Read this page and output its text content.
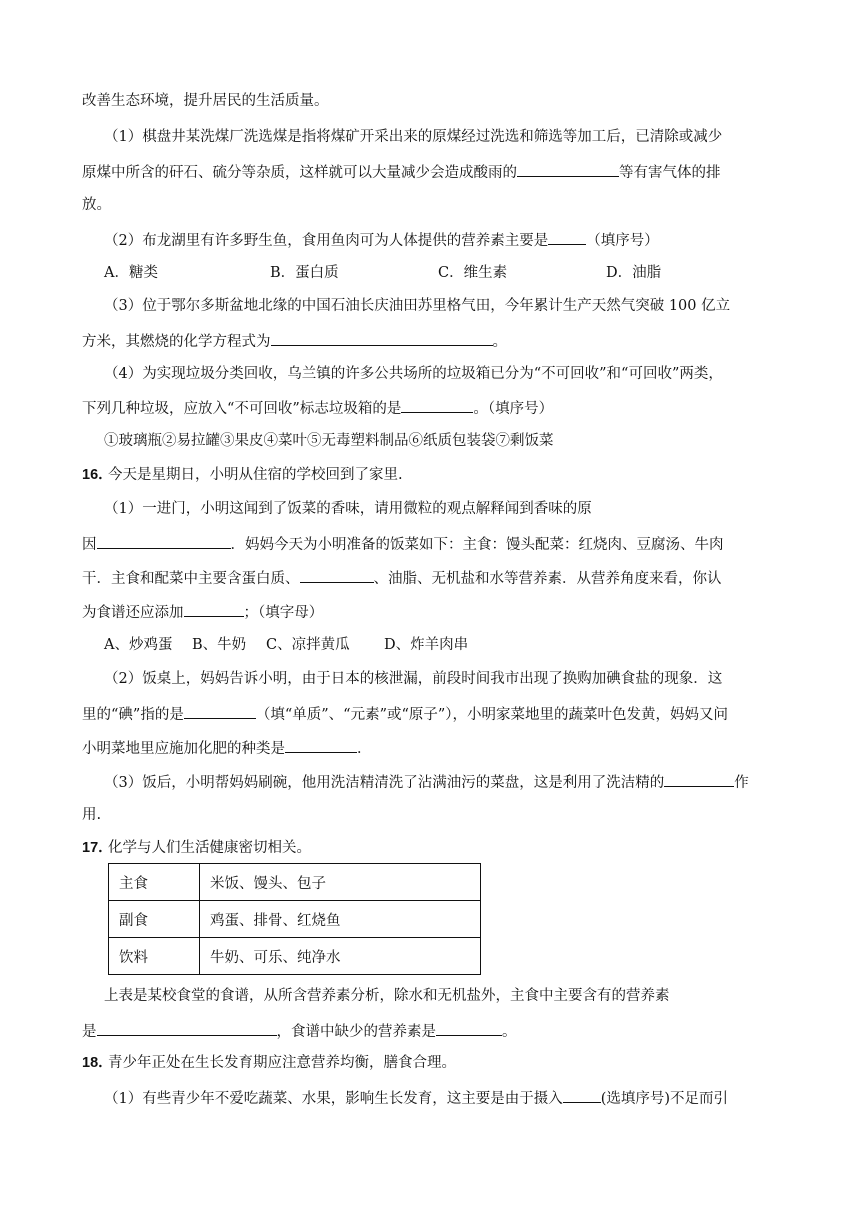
改善生态环境，提升居民的生活质量。
（1）棋盘井某洗煤厂洗选煤是指将煤矿开采出来的原煤经过洗选和筛选等加工后，已清除或减少
原煤中所含的矸石、硫分等杂质，这样就可以大量减少会造成酸雨的	等有害气体的排
放。
（2）布龙湖里有许多野生鱼，食用鱼肉可为人体提供的营养素主要是	（填序号）
A．糖类	B．蛋白质	C．维生素	D．油脂
（3）位于鄂尔多斯盆地北缘的中国石油长庆油田苏里格气田，今年累计生产天然气突破 100 亿立
方米，其燃烧的化学方程式为	。
（4）为实现垃圾分类回收，乌兰镇的许多公共场所的垃圾箱已分为“不可回收”和“可回收”两类，
下列几种垃圾，应放入“不可回收”标志垃圾箱的是	。（填序号）
①玻璃瓶②易拉罐③果皮④菜叶⑤无毒塑料制品⑥纸质包装袋⑦剩饭菜
16．
今天是星期日，小明从住宿的学校回到了家里.
（1）一进门，小明这闻到了饭菜的香味，请用微粒的观点解释闻到香味的原
因	．妈妈今天为小明准备的饭菜如下：主食：馒头配菜：红烧肉、豆腐汤、牛肉
干．主食和配菜中主要含蛋白质、	、油脂、无机盐和水等营养素．从营养角度来看，你认
为食谱还应添加	；（填字母）
A、炒鸡蛋 B、牛奶 C、凉拌黄瓜 D、炸羊肉串
（2）饭桌上，妈妈告诉小明，由于日本的核泄漏，前段时间我市出现了换购加碘食盐的现象．这
里的“碘”指的是	（填“单质”、“元素”或“原子”），小明家菜地里的蔬菜叶色发黄，妈妈又问
小明菜地里应施加化肥的种类是	．
（3）饭后，小明帮妈妈刷碗，他用洗洁精清洗了沾满油污的菜盘，这是利用了洗洁精的	作
用.
17．
化学与人们生活健康密切相关。
主食	米饭、馒头、包子
副食	鸡蛋、排骨、红烧鱼
饮料	牛奶、可乐、纯净水
上表是某校食堂的食谱，从所含营养素分析，除水和无机盐外，主食中主要含有的营养素
是	，食谱中缺少的营养素是	。
18．
青少年正处在生长发育期应注意营养均衡，膳食合理。
（1）有些青少年不爱吃蔬菜、水果，影响生长发育，这主要是由于摄入	(选填序号)不足而引
